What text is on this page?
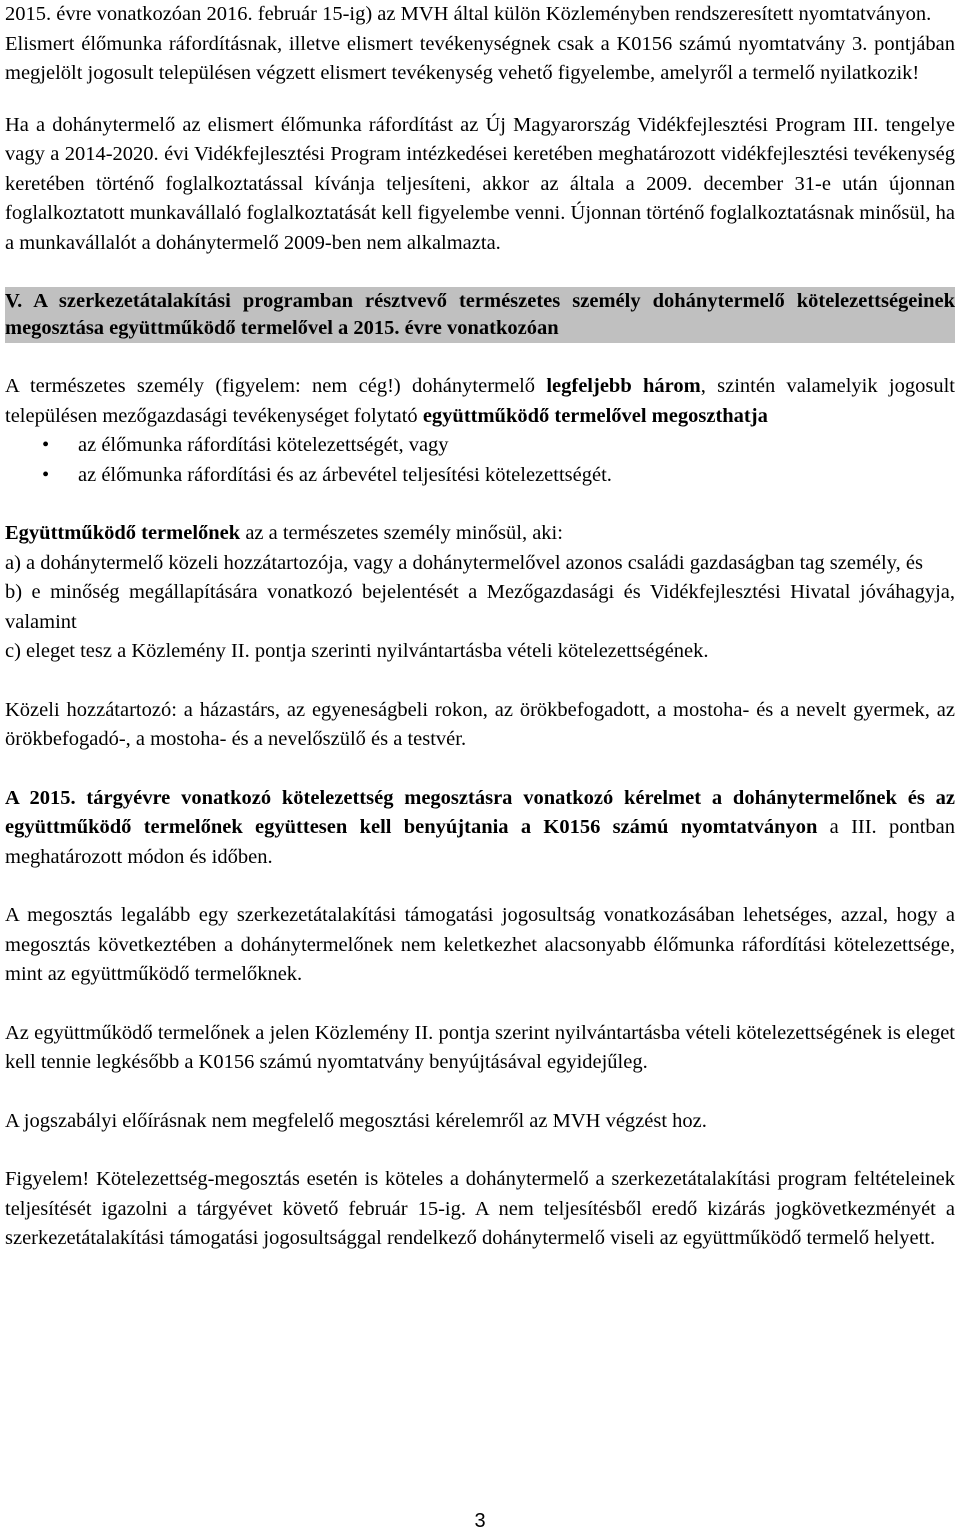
2015. évre vonatkozóan 2016. február 15-ig) az MVH által külön Közleményben rendszeresített nyomtatványon.

Elismert élőmunka ráfordításnak, illetve elismert tevékenységnek csak a K0156 számú nyomtatvány 3. pontjában megjelölt jogosult településen végzett elismert tevékenység vehető figyelembe, amelyről a termelő nyilatkozik!

Ha a dohánytermelő az elismert élőmunka ráfordítást az Új Magyarország Vidékfejlesztési Program III. tengelye vagy a 2014-2020. évi Vidékfejlesztési Program intézkedései keretében meghatározott vidékfejlesztési tevékenység keretében történő foglalkoztatással kívánja teljesíteni, akkor az általa a 2009. december 31-e után újonnan foglalkoztatott munkavállaló foglalkoztatását kell figyelembe venni. Újonnan történő foglalkoztatásnak minősül, ha a munkavállalót a dohánytermelő 2009-ben nem alkalmazta.

V. A szerkezetátalakítási programban résztvevő természetes személy dohánytermelő kötelezettségeinek megosztása együttműködő termelővel a 2015. évre vonatkozóan

A természetes személy (figyelem: nem cég!) dohánytermelő legfeljebb három, szintén valamelyik jogosult településen mezőgazdasági tevékenységet folytató együttműködő termelővel megoszthatja

• az élőmunka ráfordítási kötelezettségét, vagy
• az élőmunka ráfordítási és az árbevétel teljesítési kötelezettségét.

Együttműködő termelőnek az a természetes személy minősül, aki:

a) a dohánytermelő közeli hozzátartozója, vagy a dohánytermelővel azonos családi gazdaságban tag személy, és

b) e minőség megállapítására vonatkozó bejelentését a Mezőgazdasági és Vidékfejlesztési Hivatal jóváhagyja, valamint

c) eleget tesz a Közlemény II. pontja szerinti nyilvántartásba vételi kötelezettségének.

Közeli hozzátartozó: a házastárs, az egyeneságbeli rokon, az örökbefogadott, a mostoha- és a nevelt gyermek, az örökbefogadó-, a mostoha- és a nevelőszülő és a testvér.

A 2015. tárgyévre vonatkozó kötelezettség megosztásra vonatkozó kérelmet a dohánytermelőnek és az együttműködő termelőnek együttesen kell benyújtania a K0156 számú nyomtatványon a III. pontban meghatározott módon és időben.

A megosztás legalább egy szerkezetátalakítási támogatási jogosultság vonatkozásában lehetséges, azzal, hogy a megosztás következtében a dohánytermelőnek nem keletkezhet alacsonyabb élőmunka ráfordítási kötelezettsége, mint az együttműködő termelőknek.

Az együttműködő termelőnek a jelen Közlemény II. pontja szerint nyilvántartásba vételi kötelezettségének is eleget kell tennie legkésőbb a K0156 számú nyomtatvány benyújtásával egyidejűleg.

A jogszabályi előírásnak nem megfelelő megosztási kérelemről az MVH végzést hoz.

Figyelem! Kötelezettség-megosztás esetén is köteles a dohánytermelő a szerkezetátalakítási program feltételeinek teljesítését igazolni a tárgyévet követő február 15-ig. A nem teljesítésből eredő kizárás jogkövetkezményét a szerkezetátalakítási támogatási jogosultsággal rendelkező dohánytermelő viseli az együttműködő termelő helyett.

3
